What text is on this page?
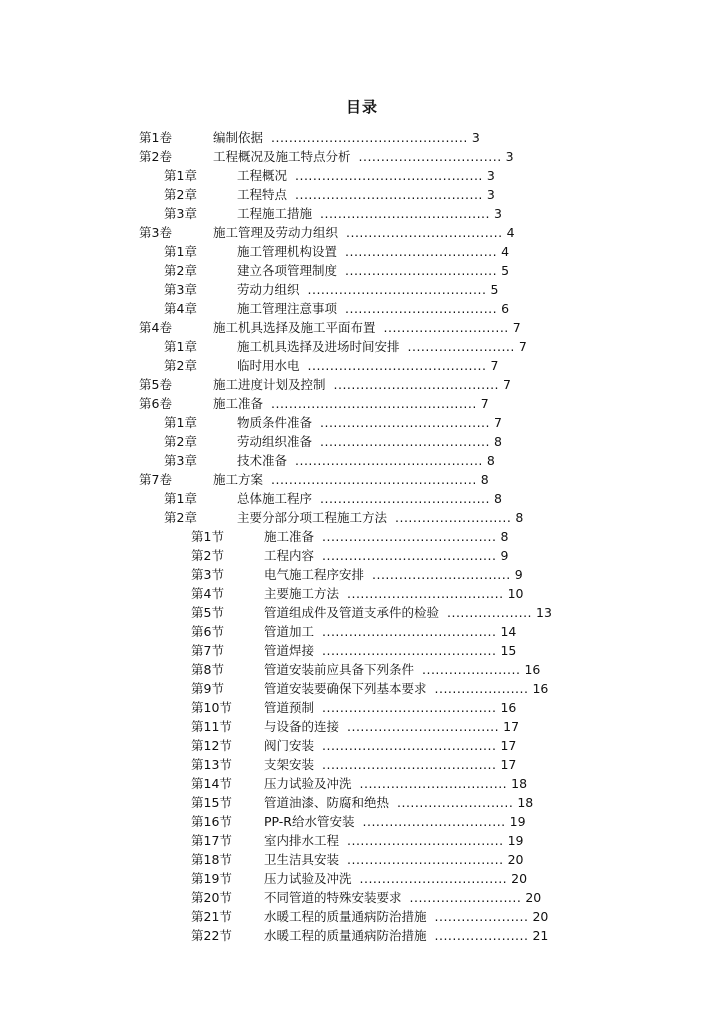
目录
第1卷	编制依据 ............................................ 3
第2卷	工程概况及施工特点分析 ................................ 3
第1章	工程概况 .......................................... 3
第2章	工程特点 .......................................... 3
第3章	工程施工措施 ...................................... 3
第3卷	施工管理及劳动力组织 ................................... 4
第1章	施工管理机构设置 .................................. 4
第2章	建立各项管理制度 .................................. 5
第3章	劳动力组织 ........................................ 5
第4章	施工管理注意事项 .................................. 6
第4卷	施工机具选择及施工平面布置 ............................ 7
第1章	施工机具选择及进场时间安排 ........................ 7
第2章	临时用水电 ........................................ 7
第5卷	施工进度计划及控制 ..................................... 7
第6卷	施工准备 .............................................. 7
第1章	物质条件准备 ...................................... 7
第2章	劳动组织准备 ...................................... 8
第3章	技术准备 .......................................... 8
第7卷	施工方案 .............................................. 8
第1章	总体施工程序 ...................................... 8
第2章	主要分部分项工程施工方法 .......................... 8
第1节	施工准备 ....................................... 8
第2节	工程内容 ....................................... 9
第3节	电气施工程序安排 ............................... 9
第4节	主要施工方法 ................................... 10
第5节	管道组成件及管道支承件的检验 ................... 13
第6节	管道加工 ....................................... 14
第7节	管道焊接 ....................................... 15
第8节	管道安装前应具备下列条件 ...................... 16
第9节	管道安装要确保下列基本要求 ..................... 16
第10节	管道预制 ....................................... 16
第11节	与设备的连接 .................................. 17
第12节	阀门安装 ....................................... 17
第13节	支架安装 ....................................... 17
第14节	压力试验及冲洗 ................................. 18
第15节	管道油漆、防腐和绝热 .......................... 18
第16节	PP-R给水管安装 ................................ 19
第17节	室内排水工程 ................................... 19
第18节	卫生洁具安装 ................................... 20
第19节	压力试验及冲洗 ................................. 20
第20节	不同管道的特殊安装要求 ......................... 20
第21节	水暖工程的质量通病防治措施 ..................... 20
第22节	水暖工程的质量通病防治措施 ..................... 21
